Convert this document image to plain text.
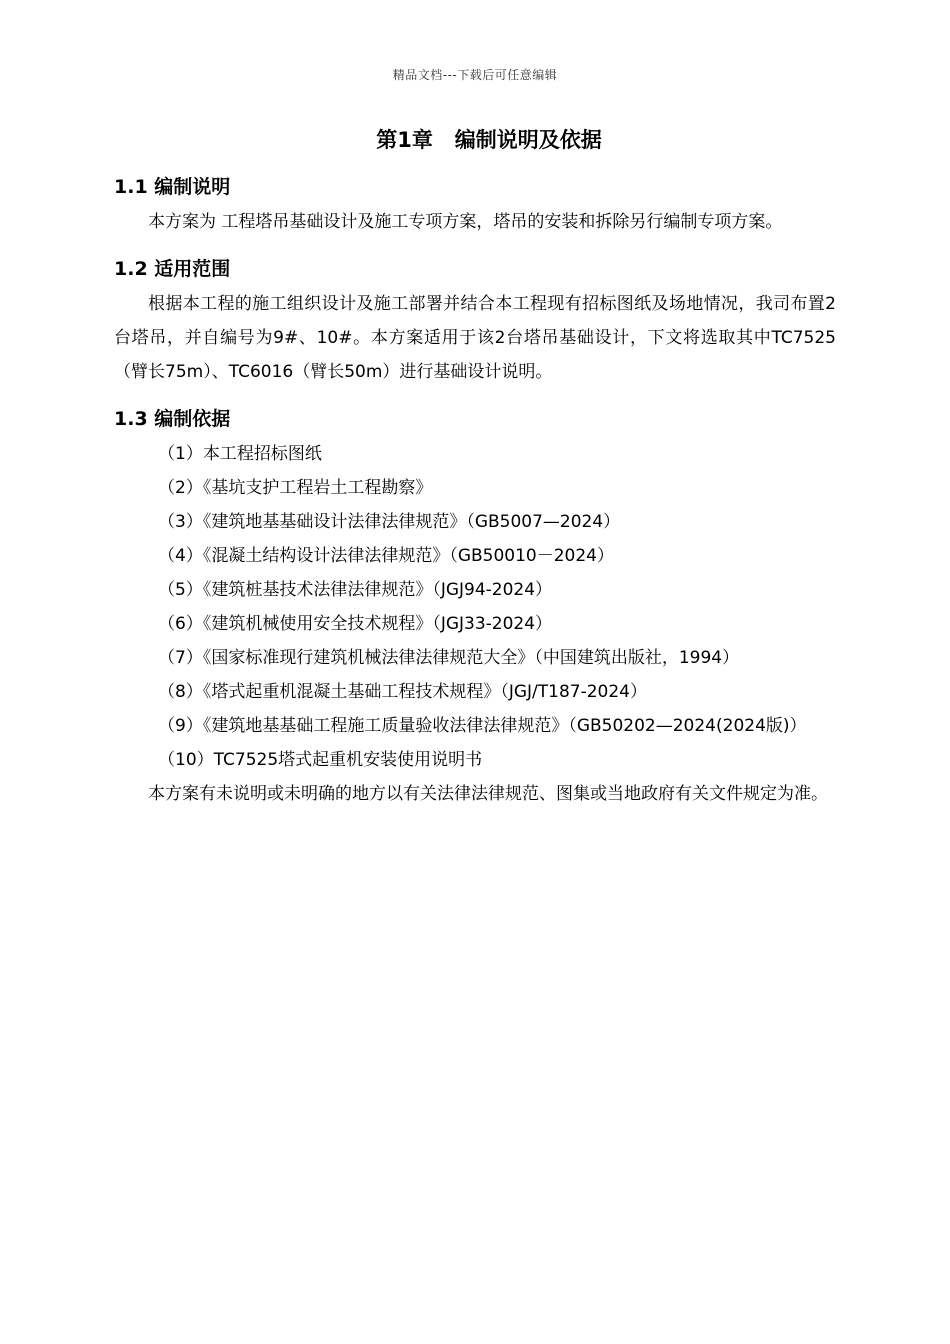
精品文档---下载后可任意编辑
第1章   编制说明及依据
1.1 编制说明
本方案为 工程塔吊基础设计及施工专项方案，塔吊的安装和拆除另行编制专项方案。
1.2 适用范围
根据本工程的施工组织设计及施工部署并结合本工程现有招标图纸及场地情况，我司布置2台塔吊，并自编号为9#、10#。本方案适用于该2台塔吊基础设计，下文将选取其中TC7525（臂长75m）、TC6016（臂长50m）进行基础设计说明。
1.3 编制依据
（1）本工程招标图纸
（2）《基坑支护工程岩土工程勘察》
（3）《建筑地基基础设计法律法律规范》（GB5007—2024）
（4）《混凝土结构设计法律法律规范》（GB50010－2024）
（5）《建筑桩基技术法律法律规范》（JGJ94-2024）
（6）《建筑机械使用安全技术规程》（JGJ33-2024）
（7）《国家标准现行建筑机械法律法律规范大全》（中国建筑出版社，1994）
（8）《塔式起重机混凝土基础工程技术规程》（JGJ/T187-2024）
（9）《建筑地基基础工程施工质量验收法律法律规范》（GB50202—2024(2024版)）
（10）TC7525塔式起重机安装使用说明书
本方案有未说明或未明确的地方以有关法律法律规范、图集或当地政府有关文件规定为准。
